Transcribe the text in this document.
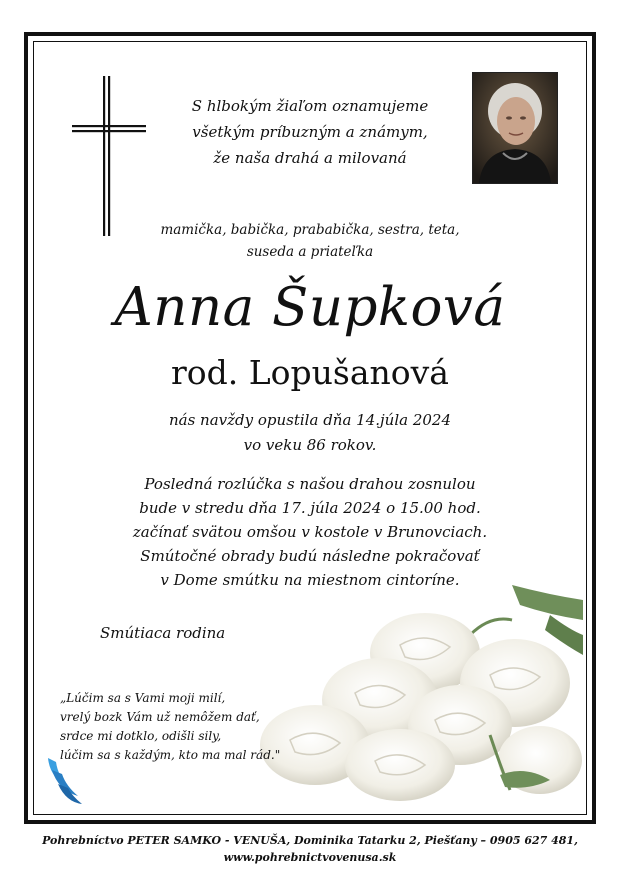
S hlbokým žiaľom oznamujeme
všetkým príbuzným a známym,
že naša drahá a milovaná
mamička, babička, prababička, sestra, teta,
suseda a priateľka
Anna Šupková
rod. Lopušanová
nás navždy opustila dňa 14.júla 2024
vo veku 86 rokov.
Posledná rozlúčka s našou drahou zosnulou
bude v stredu dňa 17. júla 2024 o 15.00 hod.
začínať svätou omšou v kostole v Brunovciach.
Smútočné obrady budú následne pokračovať
v Dome smútku na miestnom cintoríne.
Smútiaca rodina
„Lúčim sa s Vami moji milí,
vrelý bozk Vám už nemôžem dať,
srdce mi dotklo, odišli sily,
lúčim sa s každým, kto ma mal rád."
Pohrebníctvo PETER SAMKO - VENUŠA, Dominika Tatarku 2, Piešťany – 0905 627 481,
www.pohrebnictvovenusa.sk
